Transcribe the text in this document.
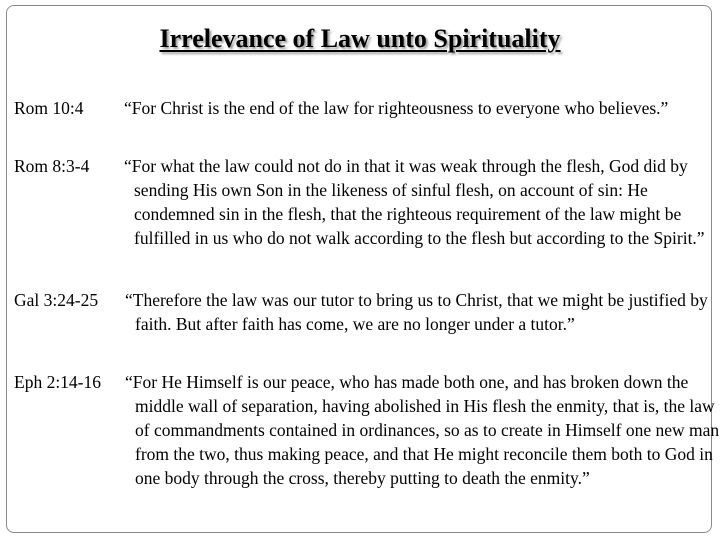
Irrelevance of Law unto Spirituality
Rom 10:4 “For Christ is the end of the law for righteousness to everyone who believes.”
Rom 8:3-4 “For what the law could not do in that it was weak through the flesh, God did by sending His own Son in the likeness of sinful flesh, on account of sin: He condemned sin in the flesh, that the righteous requirement of the law might be fulfilled in us who do not walk according to the flesh but according to the Spirit.”
Gal 3:24-25 “Therefore the law was our tutor to bring us to Christ, that we might be justified by faith. But after faith has come, we are no longer under a tutor.”
Eph 2:14-16 “For He Himself is our peace, who has made both one, and has broken down the middle wall of separation, having abolished in His flesh the enmity, that is, the law of commandments contained in ordinances, so as to create in Himself one new man from the two, thus making peace, and that He might reconcile them both to God in one body through the cross, thereby putting to death the enmity.”
